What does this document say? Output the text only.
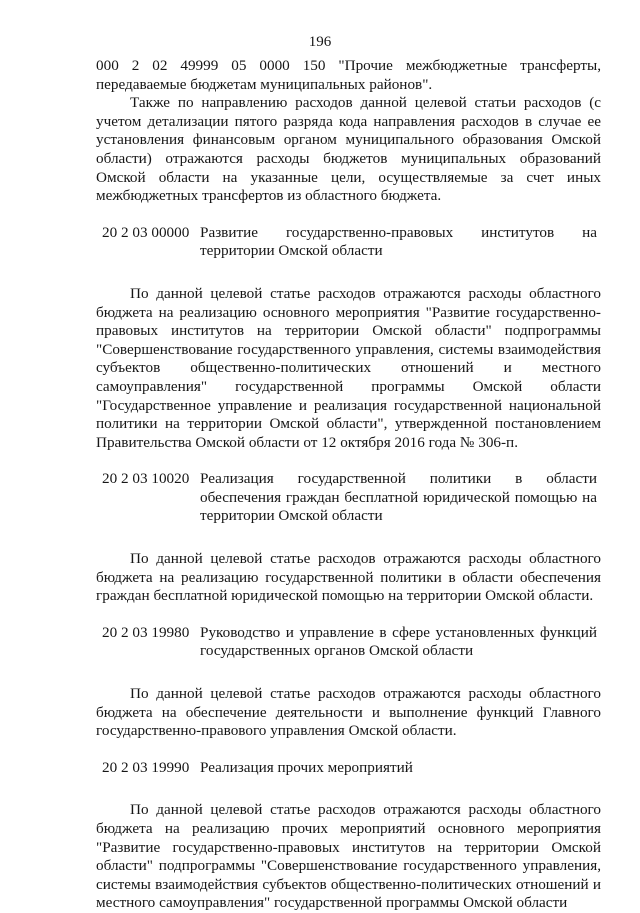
196

000 2 02 49999 05 0000 150 "Прочие межбюджетные трансферты, передаваемые бюджетам муниципальных районов".

Также по направлению расходов данной целевой статьи расходов (с учетом детализации пятого разряда кода направления расходов в случае ее установления финансовым органом муниципального образования Омской области) отражаются расходы бюджетов муниципальных образований Омской области на указанные цели, осуществляемые за счет иных межбюджетных трансфертов из областного бюджета.

20 2 03 00000 Развитие государственно-правовых институтов на территории Омской области

По данной целевой статье расходов отражаются расходы областного бюджета на реализацию основного мероприятия "Развитие государственно-правовых институтов на территории Омской области" подпрограммы "Совершенствование государственного управления, системы взаимодействия субъектов общественно-политических отношений и местного самоуправления" государственной программы Омской области "Государственное управление и реализация государственной национальной политики на территории Омской области", утвержденной постановлением Правительства Омской области от 12 октября 2016 года № 306-п.

20 2 03 10020 Реализация государственной политики в области обеспечения граждан бесплатной юридической помощью на территории Омской области

По данной целевой статье расходов отражаются расходы областного бюджета на реализацию государственной политики в области обеспечения граждан бесплатной юридической помощью на территории Омской области.

20 2 03 19980 Руководство и управление в сфере установленных функций государственных органов Омской области

По данной целевой статье расходов отражаются расходы областного бюджета на обеспечение деятельности и выполнение функций Главного государственно-правового управления Омской области.

20 2 03 19990 Реализация прочих мероприятий

По данной целевой статье расходов отражаются расходы областного бюджета на реализацию прочих мероприятий основного мероприятия "Развитие государственно-правовых институтов на территории Омской области" подпрограммы "Совершенствование государственного управления, системы взаимодействия субъектов общественно-политических отношений и местного самоуправления" государственной программы Омской области
